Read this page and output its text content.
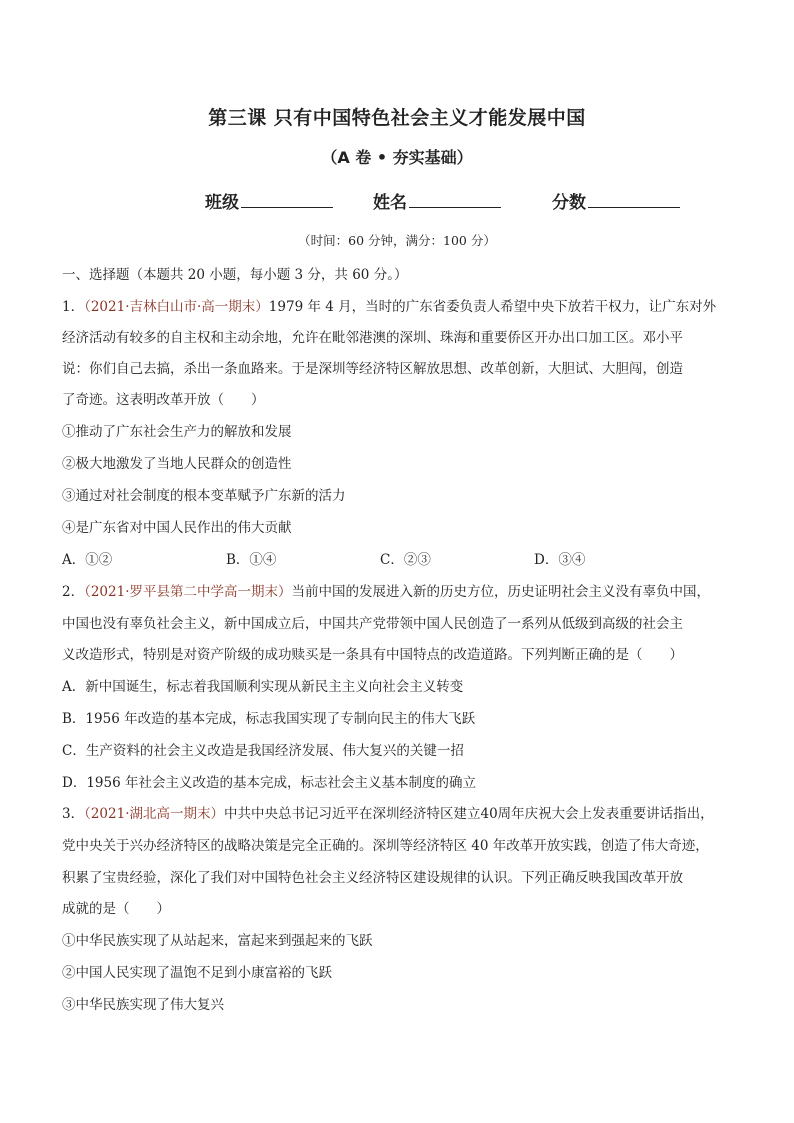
第三课 只有中国特色社会主义才能发展中国
（A 卷 • 夯实基础）
班级	姓名	分数
（时间：60 分钟，满分：100 分）
一、选择题（本题共 20 小题，每小题 3 分，共 60 分。）
1．（2021·吉林白山市·高一期末）1979 年 4 月，当时的广东省委负责人希望中央下放若干权力，让广东对外
经济活动有较多的自主权和主动余地，允许在毗邻港澳的深圳、珠海和重要侨区开办出口加工区。邓小平
说：你们自己去搞，杀出一条血路来。于是深圳等经济特区解放思想、改革创新，大胆试、大胆闯，创造
了奇迹。这表明改革开放（　　）
①推动了广东社会生产力的解放和发展
②极大地激发了当地人民群众的创造性
③通过对社会制度的根本变革赋予广东新的活力
④是广东省对中国人民作出的伟大贡献
A．①②	B．①④	C．②③	D．③④
2．（2021·罗平县第二中学高一期末）当前中国的发展进入新的历史方位，历史证明社会主义没有辜负中国，
中国也没有辜负社会主义，新中国成立后，中国共产党带领中国人民创造了一系列从低级到高级的社会主
义改造形式，特别是对资产阶级的成功赎买是一条具有中国特点的改造道路。下列判断正确的是（　　）
A．新中国诞生，标志着我国顺利实现从新民主主义向社会主义转变
B．1956 年改造的基本完成，标志我国实现了专制向民主的伟大飞跃
C．生产资料的社会主义改造是我国经济发展、伟大复兴的关键一招
D．1956 年社会主义改造的基本完成，标志社会主义基本制度的确立
3．（2021·湖北高一期末）中共中央总书记习近平在深圳经济特区建立40周年庆祝大会上发表重要讲话指出，
党中央关于兴办经济特区的战略决策是完全正确的。深圳等经济特区 40 年改革开放实践，创造了伟大奇迹，
积累了宝贵经验，深化了我们对中国特色社会主义经济特区建设规律的认识。下列正确反映我国改革开放
成就的是（　　）
①中华民族实现了从站起来，富起来到强起来的飞跃
②中国人民实现了温饱不足到小康富裕的飞跃
③中华民族实现了伟大复兴
